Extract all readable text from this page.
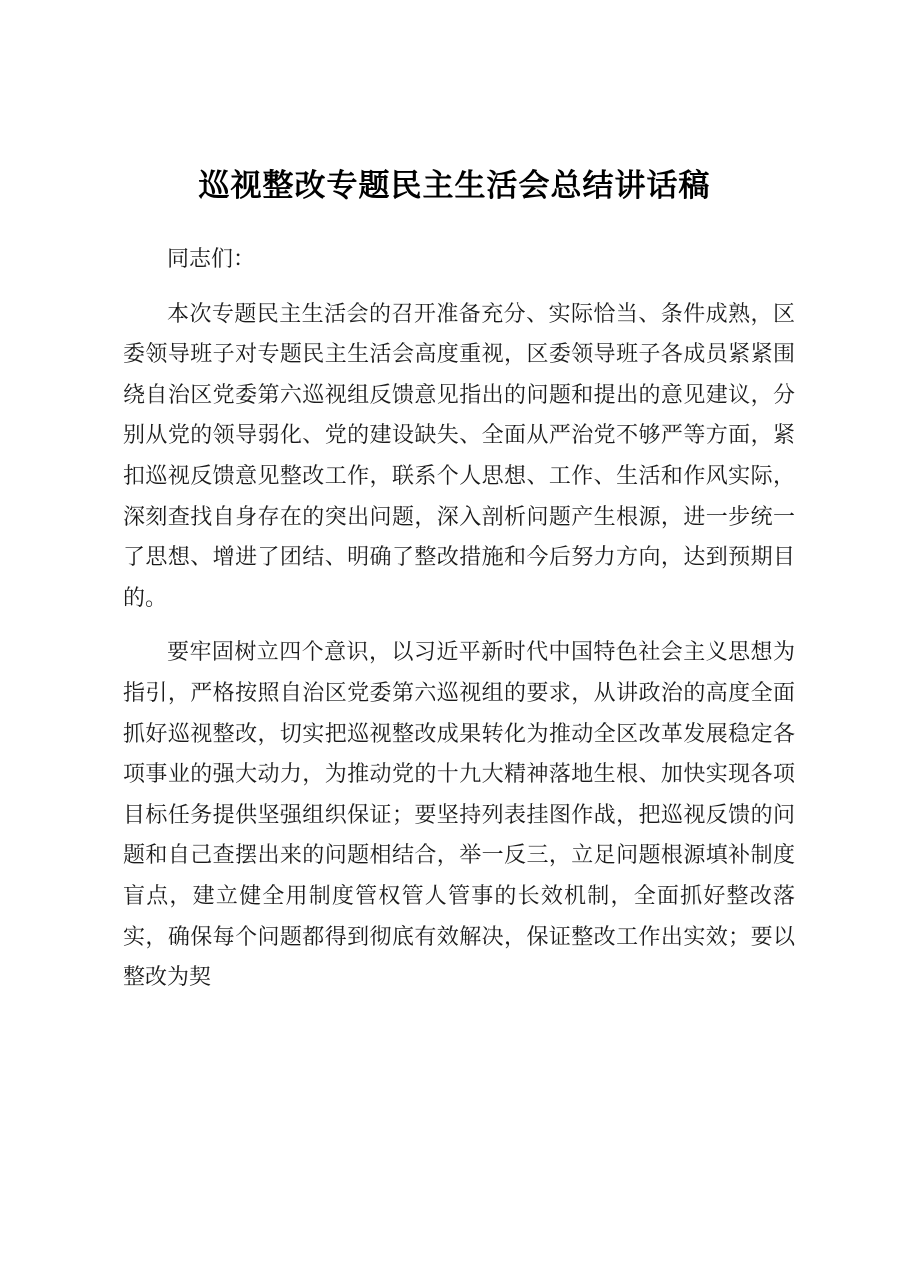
巡视整改专题民主生活会总结讲话稿

同志们：

本次专题民主生活会的召开准备充分、实际恰当、条件成熟，区委领导班子对专题民主生活会高度重视，区委领导班子各成员紧紧围绕自治区党委第六巡视组反馈意见指出的问题和提出的意见建议，分别从党的领导弱化、党的建设缺失、全面从严治党不够严等方面，紧扣巡视反馈意见整改工作，联系个人思想、工作、生活和作风实际，深刻查找自身存在的突出问题，深入剖析问题产生根源，进一步统一了思想、增进了团结、明确了整改措施和今后努力方向，达到预期目的。

要牢固树立四个意识，以习近平新时代中国特色社会主义思想为指引，严格按照自治区党委第六巡视组的要求，从讲政治的高度全面抓好巡视整改，切实把巡视整改成果转化为推动全区改革发展稳定各项事业的强大动力，为推动党的十九大精神落地生根、加快实现各项目标任务提供坚强组织保证；要坚持列表挂图作战，把巡视反馈的问题和自己查摆出来的问题相结合，举一反三，立足问题根源填补制度盲点，建立健全用制度管权管人管事的长效机制，全面抓好整改落实，确保每个问题都得到彻底有效解决，保证整改工作出实效；要以整改为契
